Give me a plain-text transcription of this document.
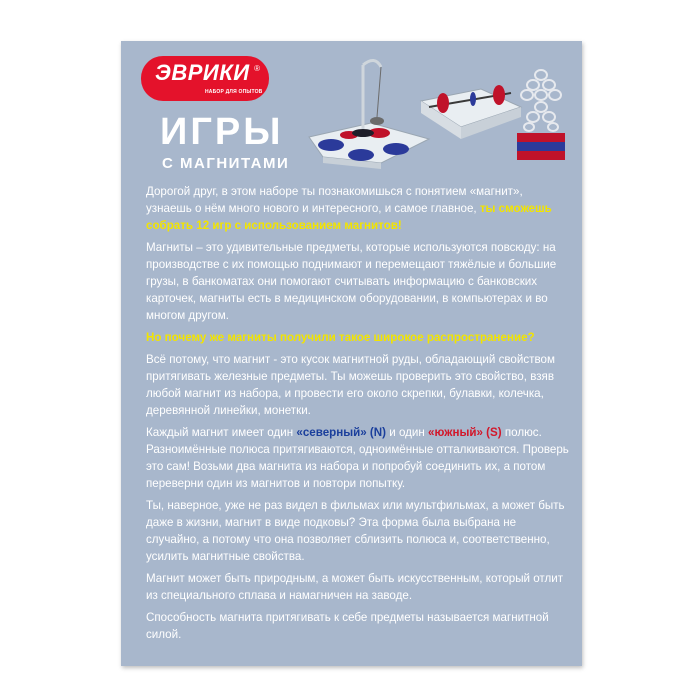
ЭВРИКИ ®
НАБОР ДЛЯ ОПЫТОВ
ИГРЫ
С МАГНИТАМИ

Дорогой друг, в этом наборе ты познакомишься с понятием «магнит», узнаешь о нём много нового и интересного, и самое главное, ты сможешь собрать 12 игр с использованием магнитов!

Магниты – это удивительные предметы, которые используются повсюду: на производстве с их помощью поднимают и перемещают тяжёлые и большие грузы, в банкоматах они помогают считывать информацию с банковских карточек, магниты есть в медицинском оборудовании, в компьютерах и во многом другом.

Но почему же магниты получили такое широкое распространение?

Всё потому, что магнит - это кусок магнитной руды, обладающий свойством притягивать железные предметы. Ты можешь проверить это свойство, взяв любой магнит из набора, и провести его около скрепки, булавки, колечка, деревянной линейки, монетки.

Каждый магнит имеет один «северный» (N) и один «южный» (S) полюс. Разноимённые полюса притягиваются, одноимённые отталкиваются. Проверь это сам! Возьми два магнита из набора и попробуй соединить их, а потом переверни один из магнитов и повтори попытку.

Ты, наверное, уже не раз видел в фильмах или мультфильмах, а может быть даже в жизни, магнит в виде подковы? Эта форма была выбрана не случайно, а потому что она позволяет сблизить полюса и, соответственно, усилить магнитные свойства.

Магнит может быть природным, а может быть искусственным, который отлит из специального сплава и намагничен на заводе.

Способность магнита притягивать к себе предметы называется магнитной силой.
